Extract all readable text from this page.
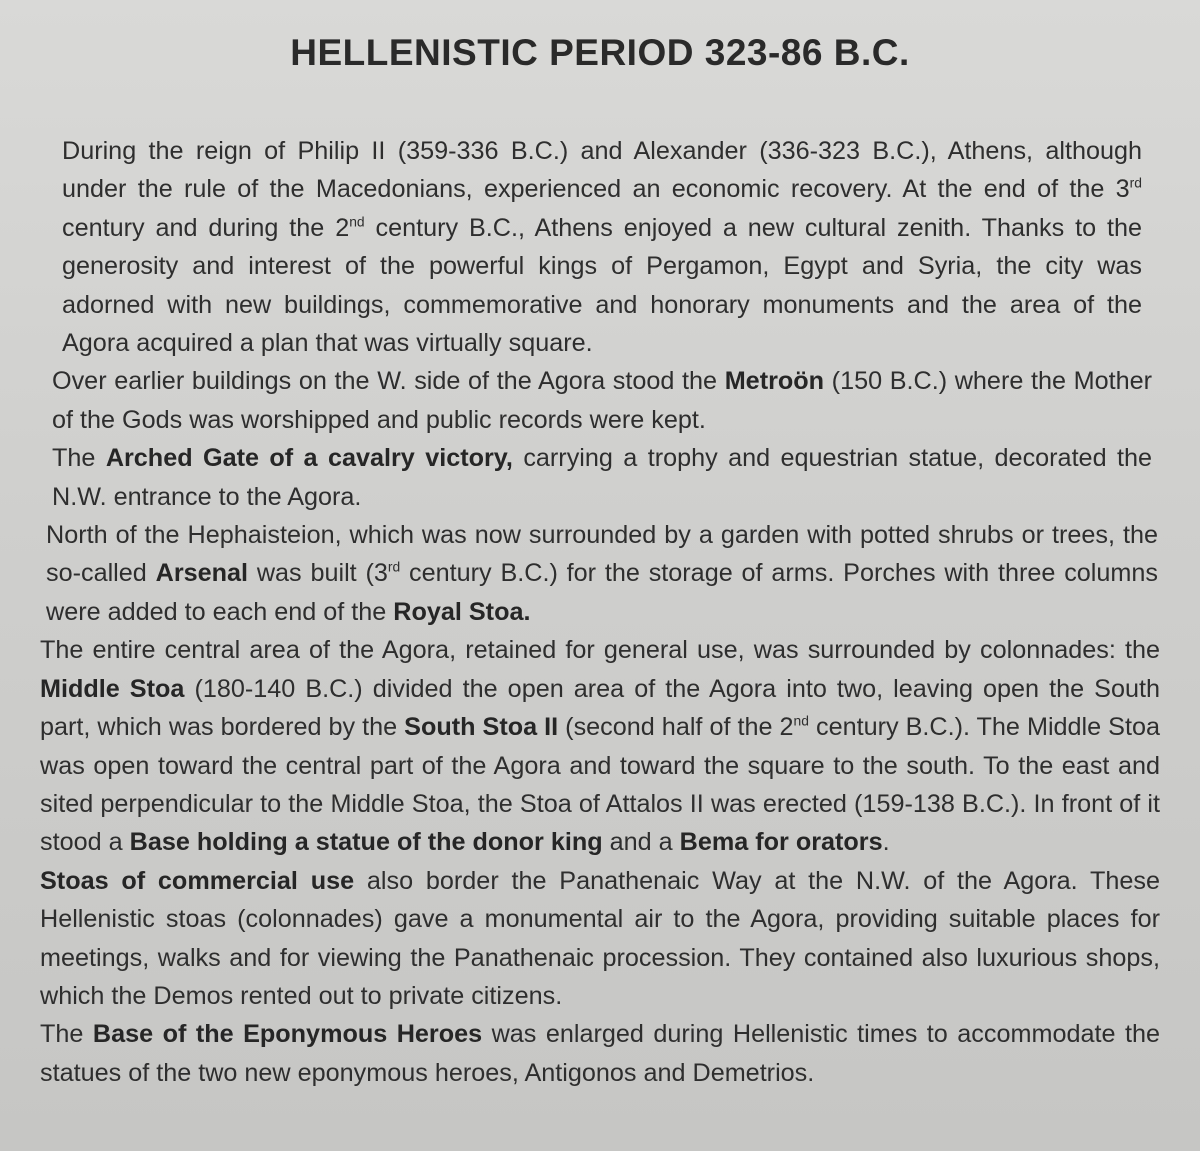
HELLENISTIC PERIOD 323-86 B.C.

During the reign of Philip II (359-336 B.C.) and Alexander (336-323 B.C.), Athens, although under the rule of the Macedonians, experienced an economic recovery. At the end of the 3rd century and during the 2nd century B.C., Athens enjoyed a new cultural zenith. Thanks to the generosity and interest of the powerful kings of Pergamon, Egypt and Syria, the city was adorned with new buildings, commemorative and honorary monuments and the area of the Agora acquired a plan that was virtually square.

Over earlier buildings on the W. side of the Agora stood the Metroön (150 B.C.) where the Mother of the Gods was worshipped and public records were kept.

The Arched Gate of a cavalry victory, carrying a trophy and equestrian statue, decorated the N.W. entrance to the Agora.

North of the Hephaisteion, which was now surrounded by a garden with potted shrubs or trees, the so-called Arsenal was built (3rd century B.C.) for the storage of arms. Porches with three columns were added to each end of the Royal Stoa.

The entire central area of the Agora, retained for general use, was surrounded by colonnades: the Middle Stoa (180-140 B.C.) divided the open area of the Agora into two, leaving open the South part, which was bordered by the South Stoa II (second half of the 2nd century B.C.). The Middle Stoa was open toward the central part of the Agora and toward the square to the south. To the east and sited perpendicular to the Middle Stoa, the Stoa of Attalos II was erected (159-138 B.C.). In front of it stood a Base holding a statue of the donor king and a Bema for orators.

Stoas of commercial use also border the Panathenaic Way at the N.W. of the Agora. These Hellenistic stoas (colonnades) gave a monumental air to the Agora, providing suitable places for meetings, walks and for viewing the Panathenaic procession. They contained also luxurious shops, which the Demos rented out to private citizens.

The Base of the Eponymous Heroes was enlarged during Hellenistic times to accommodate the statues of the two new eponymous heroes, Antigonos and Demetrios.
